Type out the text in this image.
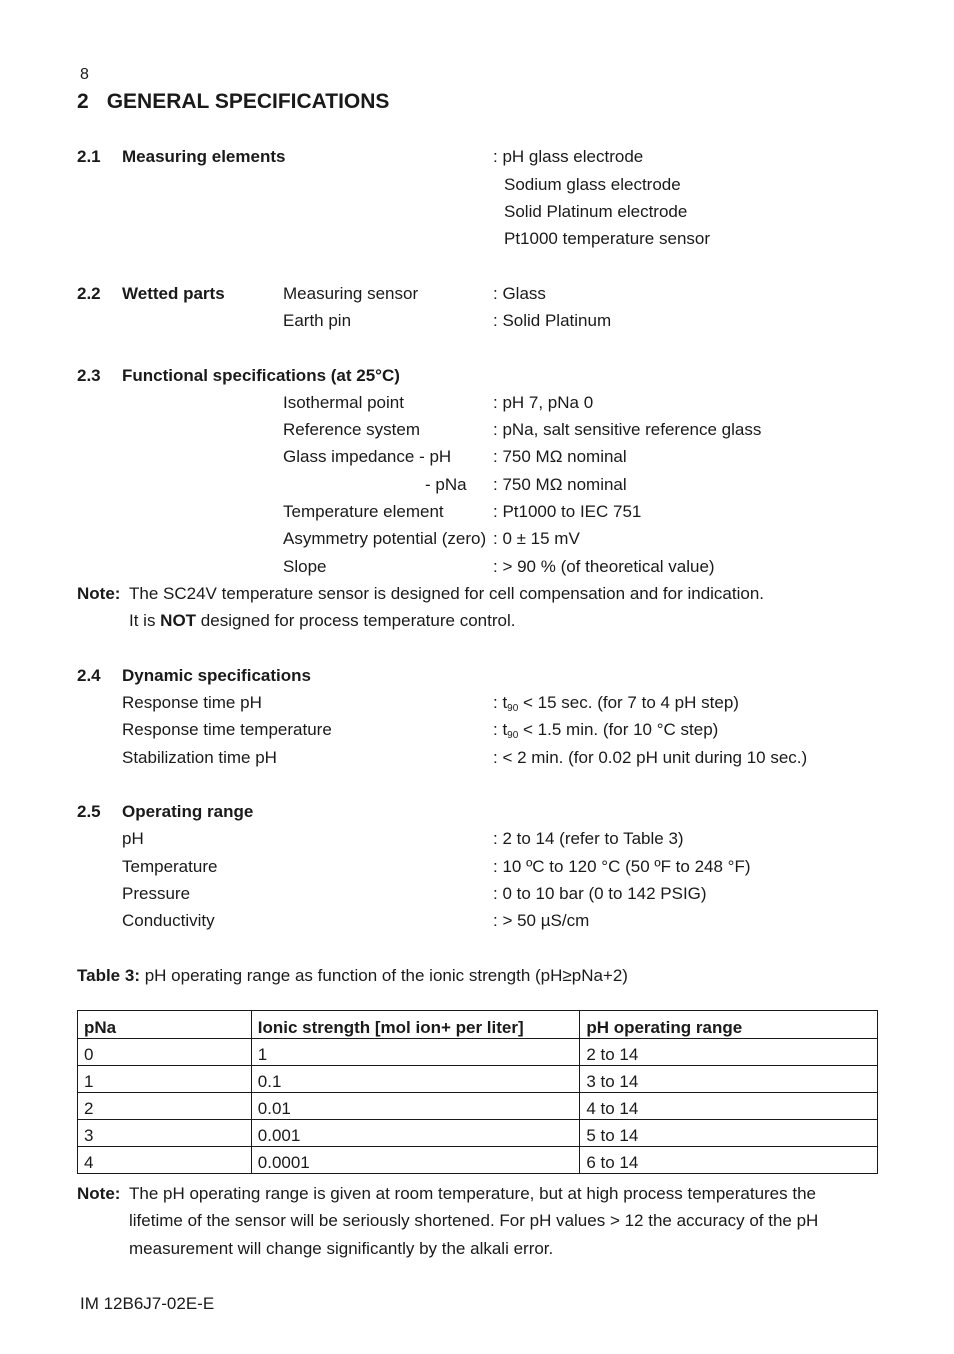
8
2 GENERAL SPECIFICATIONS
2.1 Measuring elements	: pH glass electrode
Sodium glass electrode
Solid Platinum electrode
Pt1000 temperature sensor
2.2 Wetted parts	Measuring sensor	: Glass
Earth pin	: Solid Platinum
2.3 Functional specifications (at 25°C)
Isothermal point	: pH 7, pNa 0
Reference system	: pNa, salt sensitive reference glass
Glass impedance - pH : 750 MΩ nominal
- pNa : 750 MΩ nominal
Temperature element	: Pt1000 to IEC 751
Asymmetry potential (zero) : 0 ± 15 mV
Slope	: > 90 % (of theoretical value)
Note: The SC24V temperature sensor is designed for cell compensation and for indication.
It is NOT designed for process temperature control.
2.4 Dynamic specifications
Response time pH	: $t_{90} < 15$ sec. (for 7 to 4 pH step)
Response time temperature	: $t_{90} < 1.5$ min. (for 10 °C step)
Stabilization time pH	: < 2 min. (for 0.02 pH unit during 10 sec.)
2.5 Operating range
pH	: 2 to 14 (refer to Table 3)
Temperature	: 10 ºC to 120 °C (50 ºF to 248 °F)
Pressure	: 0 to 10 bar (0 to 142 PSIG)
Conductivity	: > 50 µS/cm
Table 3: pH operating range as function of the ionic strength (pH≥pNa+2)
pNa	Ionic strength [mol ion+ per liter]	pH operating range
0	1	2 to 14
1	0.1	3 to 14
2	0.01	4 to 14
3	0.001	5 to 14
4	0.0001	6 to 14
Note: The pH operating range is given at room temperature, but at high process temperatures the
lifetime of the sensor will be seriously shortened. For pH values > 12 the accuracy of the pH
measurement will change significantly by the alkali error.
IM 12B6J7-02E-E
